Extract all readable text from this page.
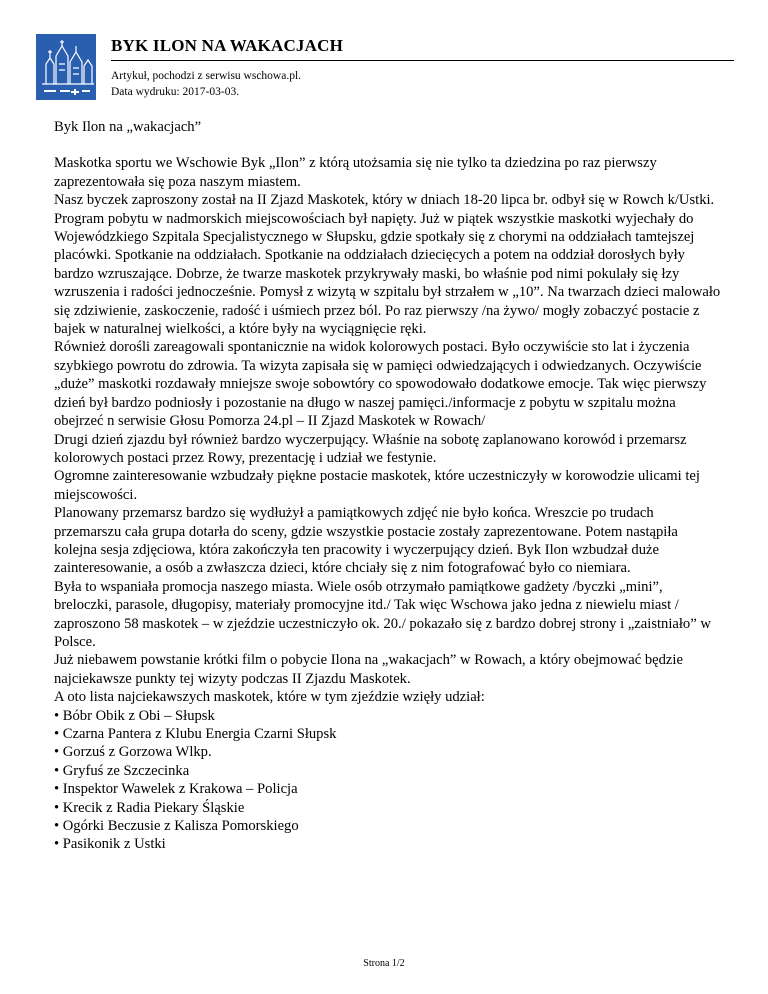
BYK ILON NA WAKACJACH
Artykuł, pochodzi z serwisu wschowa.pl.
Data wydruku: 2017-03-03.

Byk Ilon na „wakacjach”

Maskotka sportu we Wschowie Byk „Ilon” z którą utożsamia się nie tylko ta dziedzina po raz pierwszy zaprezentowała się poza naszym miastem.

Nasz byczek zaproszony został na II Zjazd Maskotek, który w dniach 18-20 lipca br. odbył się w Rowch k/Ustki.

Program pobytu w nadmorskich miejscowościach był napięty. Już w piątek wszystkie maskotki wyjechały do Wojewódzkiego Szpitala Specjalistycznego w Słupsku, gdzie spotkały się z chorymi na oddziałach tamtejszej placówki. Spotkanie na oddziałach. Spotkanie na oddziałach dziecięcych a potem na oddział dorosłych były bardzo wzruszające. Dobrze, że twarze maskotek przykrywały maski, bo właśnie pod nimi pokulały się łzy wzruszenia i radości jednocześnie. Pomysł z wizytą w szpitalu był strzałem w „10”. Na twarzach dzieci malowało się zdziwienie, zaskoczenie, radość i uśmiech przez ból. Po raz pierwszy /na żywo/ mogły zobaczyć postacie z bajek w naturalnej wielkości, a które były na wyciągnięcie ręki.

Również dorośli zareagowali spontanicznie na widok kolorowych postaci. Było oczywiście sto lat i życzenia szybkiego powrotu do zdrowia. Ta wizyta zapisała się w pamięci odwiedzających i odwiedzanych. Oczywiście „duże” maskotki rozdawały mniejsze swoje sobowtóry co spowodowało dodatkowe emocje. Tak więc pierwszy dzień był bardzo podniosły i pozostanie na długo w naszej pamięci./informacje z pobytu w szpitalu można obejrzeć n serwisie Głosu Pomorza 24.pl – II Zjazd Maskotek w Rowach/

Drugi dzień zjazdu był również bardzo wyczerpujący. Właśnie na sobotę zaplanowano korowód i przemarsz kolorowych postaci przez Rowy, prezentację i udział we festynie.

Ogromne zainteresowanie wzbudzały piękne postacie maskotek, które uczestniczyły w korowodzie ulicami tej miejscowości.

Planowany przemarsz bardzo się wydłużył a pamiątkowych zdjęć nie było końca. Wreszcie po trudach przemarszu cała grupa dotarła do sceny, gdzie wszystkie postacie zostały zaprezentowane. Potem nastąpiła kolejna sesja zdjęciowa, która zakończyła ten pracowity i wyczerpujący dzień. Byk Ilon wzbudzał duże zainteresowanie, a osób a zwłaszcza dzieci, które chciały się z nim fotografować było co niemiara.

Była to wspaniała promocja naszego miasta. Wiele osób otrzymało pamiątkowe gadżety /byczki „mini”, breloczki, parasole, długopisy, materiały promocyjne itd./ Tak więc Wschowa jako jedna z niewielu miast / zaproszono 58 maskotek – w zjeździe uczestniczyło ok. 20./ pokazało się z bardzo dobrej strony i „zaistniało” w Polsce.

Już niebawem powstanie krótki film o pobycie Ilona na „wakacjach” w Rowach, a który obejmować będzie najciekawsze punkty tej wizyty podczas II Zjazdu Maskotek.

A oto lista najciekawszych maskotek, które w tym zjeździe wzięły udział:

• Bóbr Obik z Obi – Słupsk
• Czarna Pantera z Klubu Energia Czarni Słupsk
• Gorzuś z Gorzowa Wlkp.
• Gryfuś ze Szczecinka
• Inspektor Wawelek z Krakowa – Policja
• Krecik z Radia Piekary Śląskie
• Ogórki Beczusie z Kalisza Pomorskiego
• Pasikonik z Ustki
Strona 1/2
